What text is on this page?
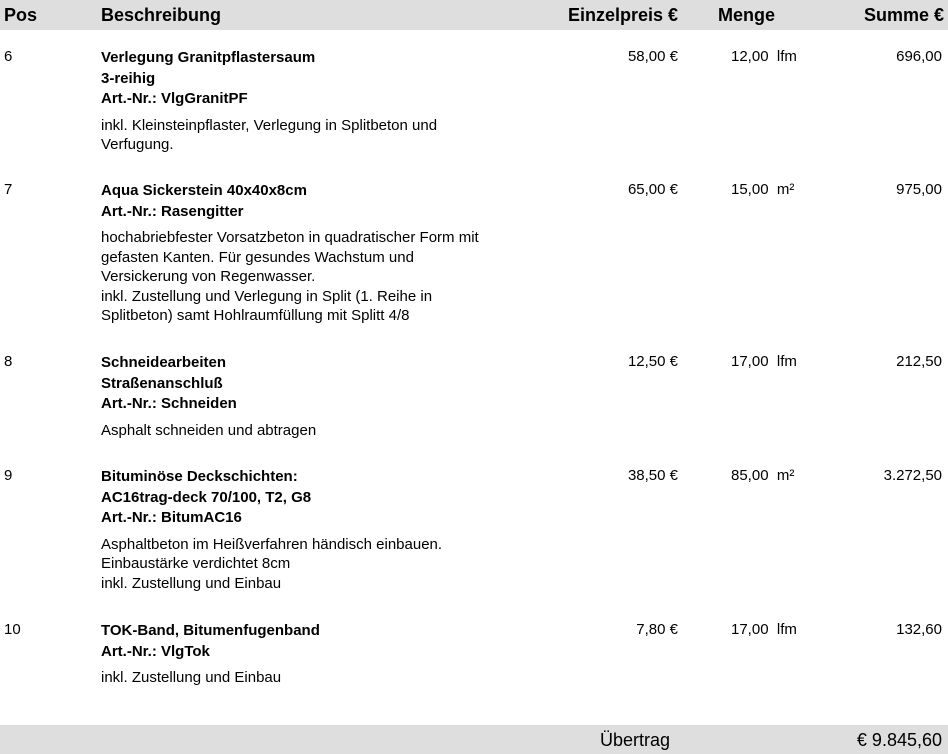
Pos	Beschreibung	Einzelpreis € Menge	Summe €
6	Verlegung Granitpflastersaum
3-reihig
Art.-Nr.: VlgGranitPF
inkl. Kleinsteinpflaster, Verlegung in Splitbeton und
Verfugung.
58,00 €	12,00 lfm	696,00
7	Aqua Sickerstein 40x40x8cm
Art.-Nr.: Rasengitter
hochabriebfester Vorsatzbeton in quadratischer Form mit
gefasten Kanten. Für gesundes Wachstum und
Versickerung von Regenwasser.
inkl. Zustellung und Verlegung in Split (1. Reihe in
Splitbeton) samt Hohlraumfüllung mit Splitt 4/8
65,00 €	15,00 m²	975,00
8	Schneidearbeiten
Straßenanschluß
Art.-Nr.: Schneiden
Asphalt schneiden und abtragen
12,50 €	17,00 lfm	212,50
9	Bituminöse Deckschichten:
AC16trag-deck 70/100, T2, G8
Art.-Nr.: BitumAC16
Asphaltbeton im Heißverfahren händisch einbauen.
Einbaustärke verdichtet 8cm
inkl. Zustellung und Einbau
38,50 €	85,00 m²	3.272,50
10	TOK-Band, Bitumenfugenband
Art.-Nr.: VlgTok
inkl. Zustellung und Einbau
7,80 €	17,00 lfm	132,60
Übertrag	€ 9.845,60
